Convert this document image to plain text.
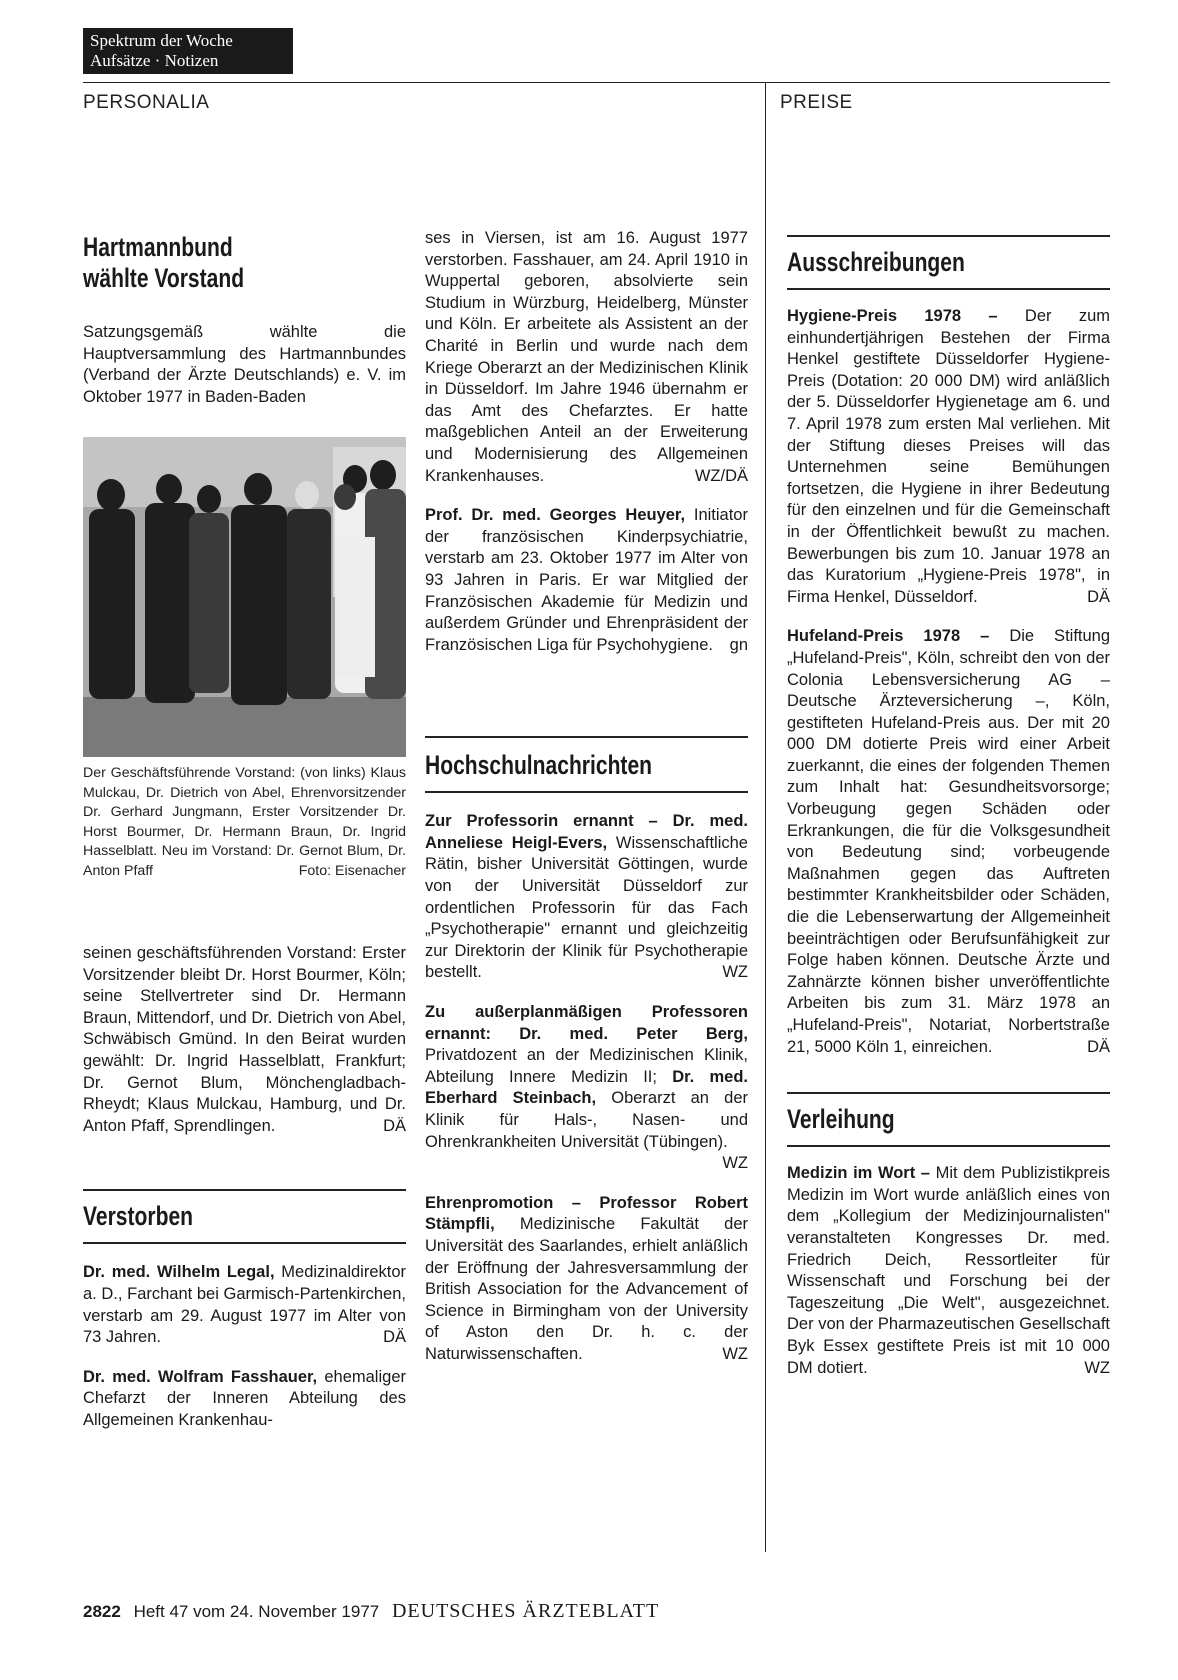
Spektrum der Woche
Aufsätze · Notizen
PERSONALIA	PREISE
Hartmannbund
wählte Vorstand

Satzungsgemäß wählte die Hauptversammlung des Hartmannbundes (Verband der Ärzte Deutschlands) e. V. im Oktober 1977 in Baden-Baden

Der Geschäftsführende Vorstand: (von links) Klaus Mulckau, Dr. Dietrich von Abel, Ehrenvorsitzender Dr. Gerhard Jungmann, Erster Vorsitzender Dr. Horst Bourmer, Dr. Hermann Braun, Dr. Ingrid Hasselblatt. Neu im Vorstand: Dr. Gernot Blum, Dr. Anton Pfaff	Foto: Eisenacher

seinen geschäftsführenden Vorstand: Erster Vorsitzender bleibt Dr. Horst Bourmer, Köln; seine Stellvertreter sind Dr. Hermann Braun, Mittendorf, und Dr. Dietrich von Abel, Schwäbisch Gmünd. In den Beirat wurden gewählt: Dr. Ingrid Hasselblatt, Frankfurt; Dr. Gernot Blum, Mönchengladbach-Rheydt; Klaus Mulckau, Hamburg, und Dr. Anton Pfaff, Sprendlingen.	DÄ

Verstorben

Dr. med. Wilhelm Legal, Medizinaldirektor a. D., Farchant bei Garmisch-Partenkirchen, verstarb am 29. August 1977 im Alter von 73 Jahren.	DÄ

Dr. med. Wolfram Fasshauer, ehemaliger Chefarzt der Inneren Abteilung des Allgemeinen Krankenhau-

ses in Viersen, ist am 16. August 1977 verstorben. Fasshauer, am 24. April 1910 in Wuppertal geboren, absolvierte sein Studium in Würzburg, Heidelberg, Münster und Köln. Er arbeitete als Assistent an der Charité in Berlin und wurde nach dem Kriege Oberarzt an der Medizinischen Klinik in Düsseldorf. Im Jahre 1946 übernahm er das Amt des Chefarztes. Er hatte maßgeblichen Anteil an der Erweiterung und Modernisierung des Allgemeinen Krankenhauses.	WZ/DÄ

Prof. Dr. med. Georges Heuyer, Initiator der französischen Kinderpsychiatrie, verstarb am 23. Oktober 1977 im Alter von 93 Jahren in Paris. Er war Mitglied der Französischen Akademie für Medizin und außerdem Gründer und Ehrenpräsident der Französischen Liga für Psychohygiene. gn

Hochschulnachrichten

Zur Professorin ernannt – Dr. med. Anneliese Heigl-Evers, Wissenschaftliche Rätin, bisher Universität Göttingen, wurde von der Universität Düsseldorf zur ordentlichen Professorin für das Fach „Psychotherapie" ernannt und gleichzeitig zur Direktorin der Klinik für Psychotherapie bestellt.	WZ

Zu außerplanmäßigen Professoren ernannt: Dr. med. Peter Berg, Privatdozent an der Medizinischen Klinik, Abteilung Innere Medizin II; Dr. med. Eberhard Steinbach, Oberarzt an der Klinik für Hals-, Nasen- und Ohrenkrankheiten Universität (Tübingen).
WZ

Ehrenpromotion – Professor Robert Stämpfli, Medizinische Fakultät der Universität des Saarlandes, erhielt anläßlich der Eröffnung der Jahresversammlung der British Association for the Advancement of Science in Birmingham von der University of Aston den Dr. h. c. der Naturwissenschaften.	WZ

Ausschreibungen

Hygiene-Preis 1978 – Der zum einhundertjährigen Bestehen der Firma Henkel gestiftete Düsseldorfer Hygiene-Preis (Dotation: 20 000 DM) wird anläßlich der 5. Düsseldorfer Hygienetage am 6. und 7. April 1978 zum ersten Mal verliehen. Mit der Stiftung dieses Preises will das Unternehmen seine Bemühungen fortsetzen, die Hygiene in ihrer Bedeutung für den einzelnen und für die Gemeinschaft in der Öffentlichkeit bewußt zu machen. Bewerbungen bis zum 10. Januar 1978 an das Kuratorium „Hygiene-Preis 1978", in Firma Henkel, Düsseldorf.	DÄ

Hufeland-Preis 1978 – Die Stiftung „Hufeland-Preis", Köln, schreibt den von der Colonia Lebensversicherung AG – Deutsche Ärzteversicherung –, Köln, gestifteten Hufeland-Preis aus. Der mit 20 000 DM dotierte Preis wird einer Arbeit zuerkannt, die eines der folgenden Themen zum Inhalt hat: Gesundheitsvorsorge; Vorbeugung gegen Schäden oder Erkrankungen, die für die Volksgesundheit von Bedeutung sind; vorbeugende Maßnahmen gegen das Auftreten bestimmter Krankheitsbilder oder Schäden, die die Lebenserwartung der Allgemeinheit beeinträchtigen oder Berufsunfähigkeit zur Folge haben können. Deutsche Ärzte und Zahnärzte können bisher unveröffentlichte Arbeiten bis zum 31. März 1978 an „Hufeland-Preis", Notariat, Norbertstraße 21, 5000 Köln 1, einreichen.	DÄ

Verleihung

Medizin im Wort – Mit dem Publizistikpreis Medizin im Wort wurde anläßlich eines von dem „Kollegium der Medizinjournalisten" veranstalteten Kongresses Dr. med. Friedrich Deich, Ressortleiter für Wissenschaft und Forschung bei der Tageszeitung „Die Welt", ausgezeichnet. Der von der Pharmazeutischen Gesellschaft Byk Essex gestiftete Preis ist mit 10 000 DM dotiert.	WZ

2822 Heft 47 vom 24. November 1977 DEUTSCHES ÄRZTEBLATT
